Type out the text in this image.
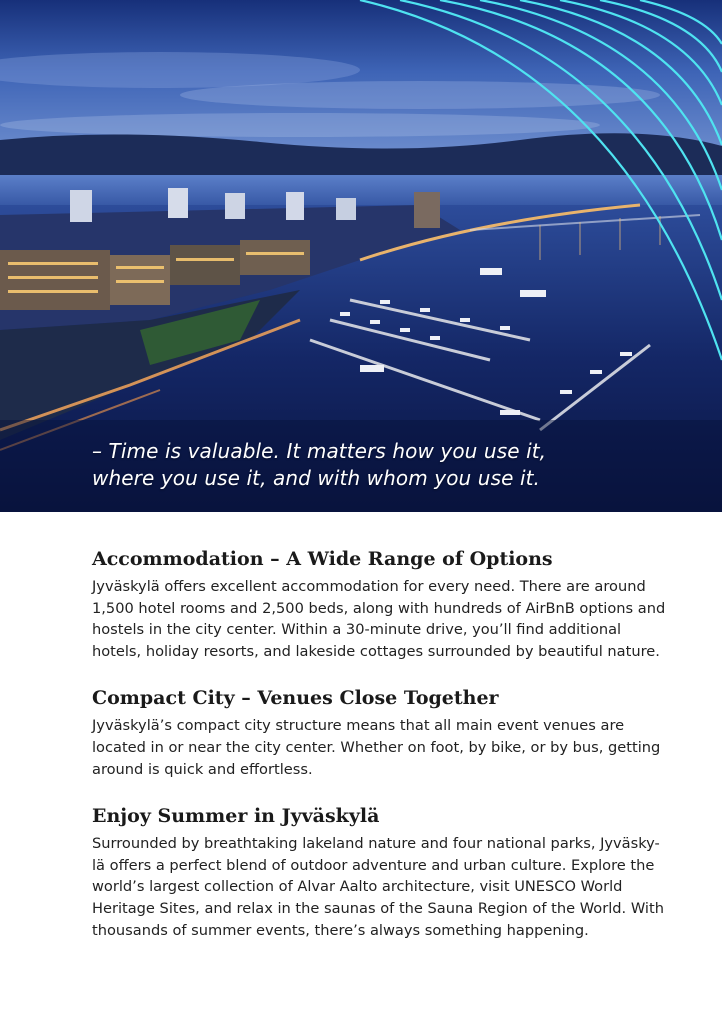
– Time is valuable. It matters how you use it,
where you use it, and with whom you use it.
Accommodation – A Wide Range of Options

Jyväskylä offers excellent accommodation for every need. There are around 1,500 hotel rooms and 2,500 beds, along with hundreds of AirBnB options and hostels in the city center. Within a 30-minute drive, you’ll find additional hotels, holiday resorts, and lakeside cottages surrounded by beautiful nature.

Compact City – Venues Close Together

Jyväskylä’s compact city structure means that all main event venues are located in or near the city center. Whether on foot, by bike, or by bus, getting around is quick and effortless.

Enjoy Summer in Jyväskylä

Surrounded by breathtaking lakeland nature and four national parks, Jyväsky-lä offers a perfect blend of outdoor adventure and urban culture. Explore the world’s largest collection of Alvar Aalto architecture, visit UNESCO World Heritage Sites, and relax in the saunas of the Sauna Region of the World. With thousands of summer events, there’s always something happening.
